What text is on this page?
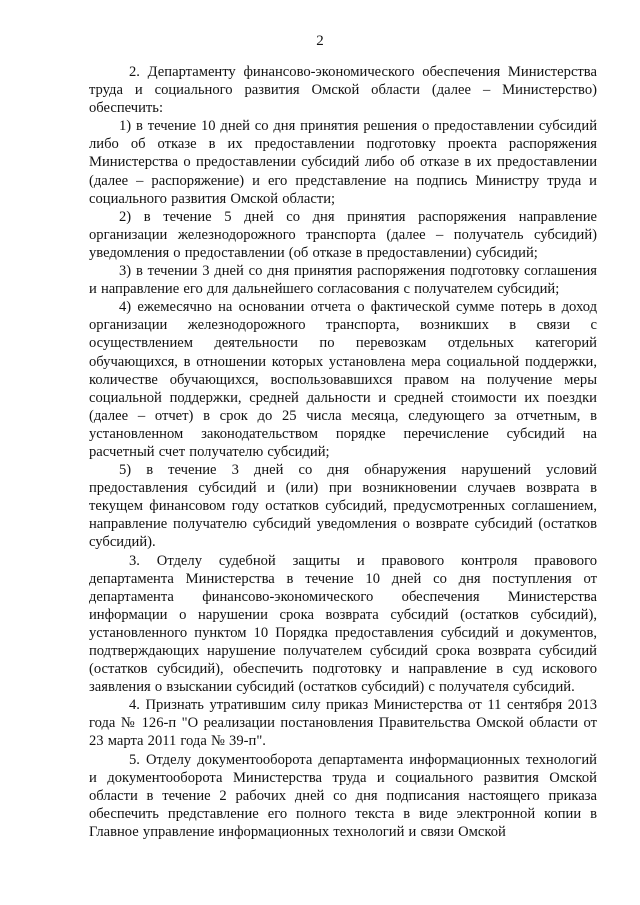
2

2. Департаменту финансово-экономического обеспечения Министерства труда и социального развития Омской области (далее – Министерство) обеспечить:

1) в течение 10 дней со дня принятия решения о предоставлении субсидий либо об отказе в их предоставлении подготовку проекта распоряжения Министерства о предоставлении субсидий либо об отказе в их предоставлении (далее – распоряжение) и его представление на подпись Министру труда и социального развития Омской области;

2) в течение 5 дней со дня принятия распоряжения направление организации железнодорожного транспорта (далее – получатель субсидий) уведомления о предоставлении (об отказе в предоставлении) субсидий;

3) в течении 3 дней со дня принятия распоряжения подготовку соглашения и направление его для дальнейшего согласования с получателем субсидий;

4) ежемесячно на основании отчета о фактической сумме потерь в доход организации железнодорожного транспорта, возникших в связи с осуществлением деятельности по перевозкам отдельных категорий обучающихся, в отношении которых установлена мера социальной поддержки, количестве обучающихся, воспользовавшихся правом на получение меры социальной поддержки, средней дальности и средней стоимости их поездки (далее – отчет) в срок до 25 числа месяца, следующего за отчетным, в установленном законодательством порядке перечисление субсидий на расчетный счет получателю субсидий;

5) в течение 3 дней со дня обнаружения нарушений условий предоставления субсидий и (или) при возникновении случаев возврата в текущем финансовом году остатков субсидий, предусмотренных соглашением, направление получателю субсидий уведомления о возврате субсидий (остатков субсидий).

3. Отделу судебной защиты и правового контроля правового департамента Министерства в течение 10 дней со дня поступления от департамента финансово-экономического обеспечения Министерства информации о нарушении срока возврата субсидий (остатков субсидий), установленного пунктом 10 Порядка предоставления субсидий и документов, подтверждающих нарушение получателем субсидий срока возврата субсидий (остатков субсидий), обеспечить подготовку и направление в суд искового заявления о взыскании субсидий (остатков субсидий) с получателя субсидий.

4. Признать утратившим силу приказ Министерства от 11 сентября 2013 года № 126-п "О реализации постановления Правительства Омской области от 23 марта 2011 года № 39-п".

5. Отделу документооборота департамента информационных технологий и документооборота Министерства труда и социального развития Омской области в течение 2 рабочих дней со дня подписания настоящего приказа обеспечить представление его полного текста в виде электронной копии в Главное управление информационных технологий и связи Омской
